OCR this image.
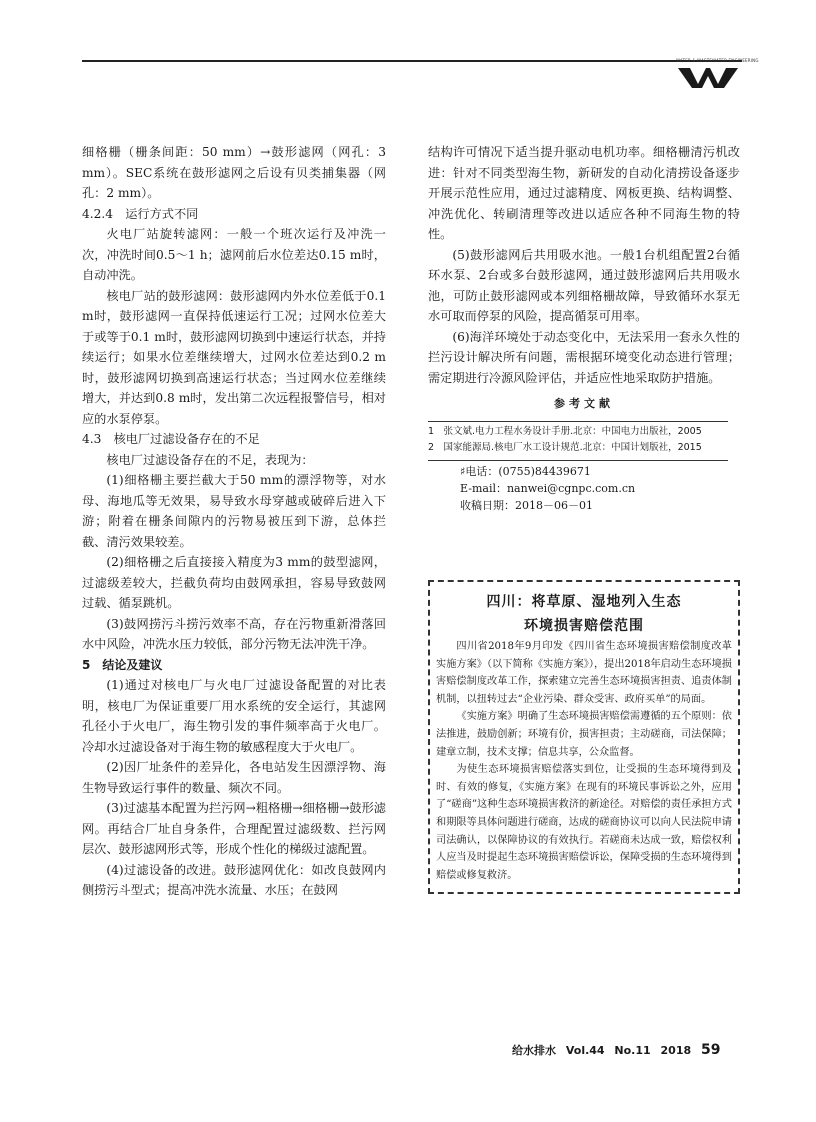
WATER & WASTEWATER ENGINEERING

细格栅（栅条间距：50 mm）→鼓形滤网（网孔：3 mm）。SEC系统在鼓形滤网之后设有贝类捕集器（网孔：2 mm）。

4.2.4　运行方式不同

火电厂站旋转滤网：一般一个班次运行及冲洗一次，冲洗时间0.5～1 h；滤网前后水位差达0.15 m时，自动冲洗。

核电厂站的鼓形滤网：鼓形滤网内外水位差低于0.1 m时，鼓形滤网一直保持低速运行工况；过网水位差大于或等于0.1 m时，鼓形滤网切换到中速运行状态，并持续运行；如果水位差继续增大，过网水位差达到0.2 m时，鼓形滤网切换到高速运行状态；当过网水位差继续增大，并达到0.8 m时，发出第二次远程报警信号，相对应的水泵停泵。

4.3　核电厂过滤设备存在的不足

核电厂过滤设备存在的不足，表现为：

(1)细格栅主要拦截大于50 mm的漂浮物等，对水母、海地瓜等无效果，易导致水母穿越或破碎后进入下游；附着在栅条间隙内的污物易被压到下游，总体拦截、清污效果较差。

(2)细格栅之后直接接入精度为3 mm的鼓型滤网，过滤级差较大，拦截负荷均由鼓网承担，容易导致鼓网过载、循泵跳机。

(3)鼓网捞污斗捞污效率不高，存在污物重新滑落回水中风险，冲洗水压力较低，部分污物无法冲洗干净。

5　结论及建议

(1)通过对核电厂与火电厂过滤设备配置的对比表明，核电厂为保证重要厂用水系统的安全运行，其滤网孔径小于火电厂，海生物引发的事件频率高于火电厂。冷却水过滤设备对于海生物的敏感程度大于火电厂。

(2)因厂址条件的差异化，各电站发生因漂浮物、海生物导致运行事件的数量、频次不同。

(3)过滤基本配置为拦污网→粗格栅→细格栅→鼓形滤网。再结合厂址自身条件，合理配置过滤级数、拦污网层次、鼓形滤网形式等，形成个性化的梯级过滤配置。

(4)过滤设备的改进。鼓形滤网优化：如改良鼓网内侧捞污斗型式；提高冲洗水流量、水压；在鼓网

结构许可情况下适当提升驱动电机功率。细格栅清污机改进：针对不同类型海生物，新研发的自动化清捞设备逐步开展示范性应用，通过过滤精度、网板更换、结构调整、冲洗优化、转刷清理等改进以适应各种不同海生物的特性。

(5)鼓形滤网后共用吸水池。一般1台机组配置2台循环水泵、2台或多台鼓形滤网，通过鼓形滤网后共用吸水池，可防止鼓形滤网或本列细格栅故障，导致循环水泵无水可取而停泵的风险，提高循泵可用率。

(6)海洋环境处于动态变化中，无法采用一套永久性的拦污设计解决所有问题，需根据环境变化动态进行管理；需定期进行冷源风险评估，并适应性地采取防护措施。

参考文献

1　张文斌.电力工程水务设计手册.北京：中国电力出版社，2005

2　国家能源局.核电厂水工设计规范.北京：中国计划版社，2015

♯电话：(0755)84439671

E-mail：nanwei@cgnpc.com.cn

收稿日期：2018－06－01

四川：将草原、湿地列入生态
环境损害赔偿范围

四川省2018年9月印发《四川省生态环境损害赔偿制度改革实施方案》（以下简称《实施方案》），提出2018年启动生态环境损害赔偿制度改革工作，探索建立完善生态环境损害担责、追责体制机制，以扭转过去“企业污染、群众受害、政府买单”的局面。

《实施方案》明确了生态环境损害赔偿需遵循的五个原则：依法推进，鼓励创新；环境有价，损害担责；主动磋商，司法保障；建章立制，技术支撑；信息共享，公众监督。

为使生态环境损害赔偿落实到位，让受损的生态环境得到及时、有效的修复，《实施方案》在现有的环境民事诉讼之外，应用了“磋商”这种生态环境损害救济的新途径。对赔偿的责任承担方式和期限等具体问题进行磋商，达成的磋商协议可以向人民法院申请司法确认，以保障协议的有效执行。若磋商未达成一致，赔偿权利人应当及时提起生态环境损害赔偿诉讼，保障受损的生态环境得到赔偿或修复救济。

给水排水 Vol.44 No.11 2018 59
